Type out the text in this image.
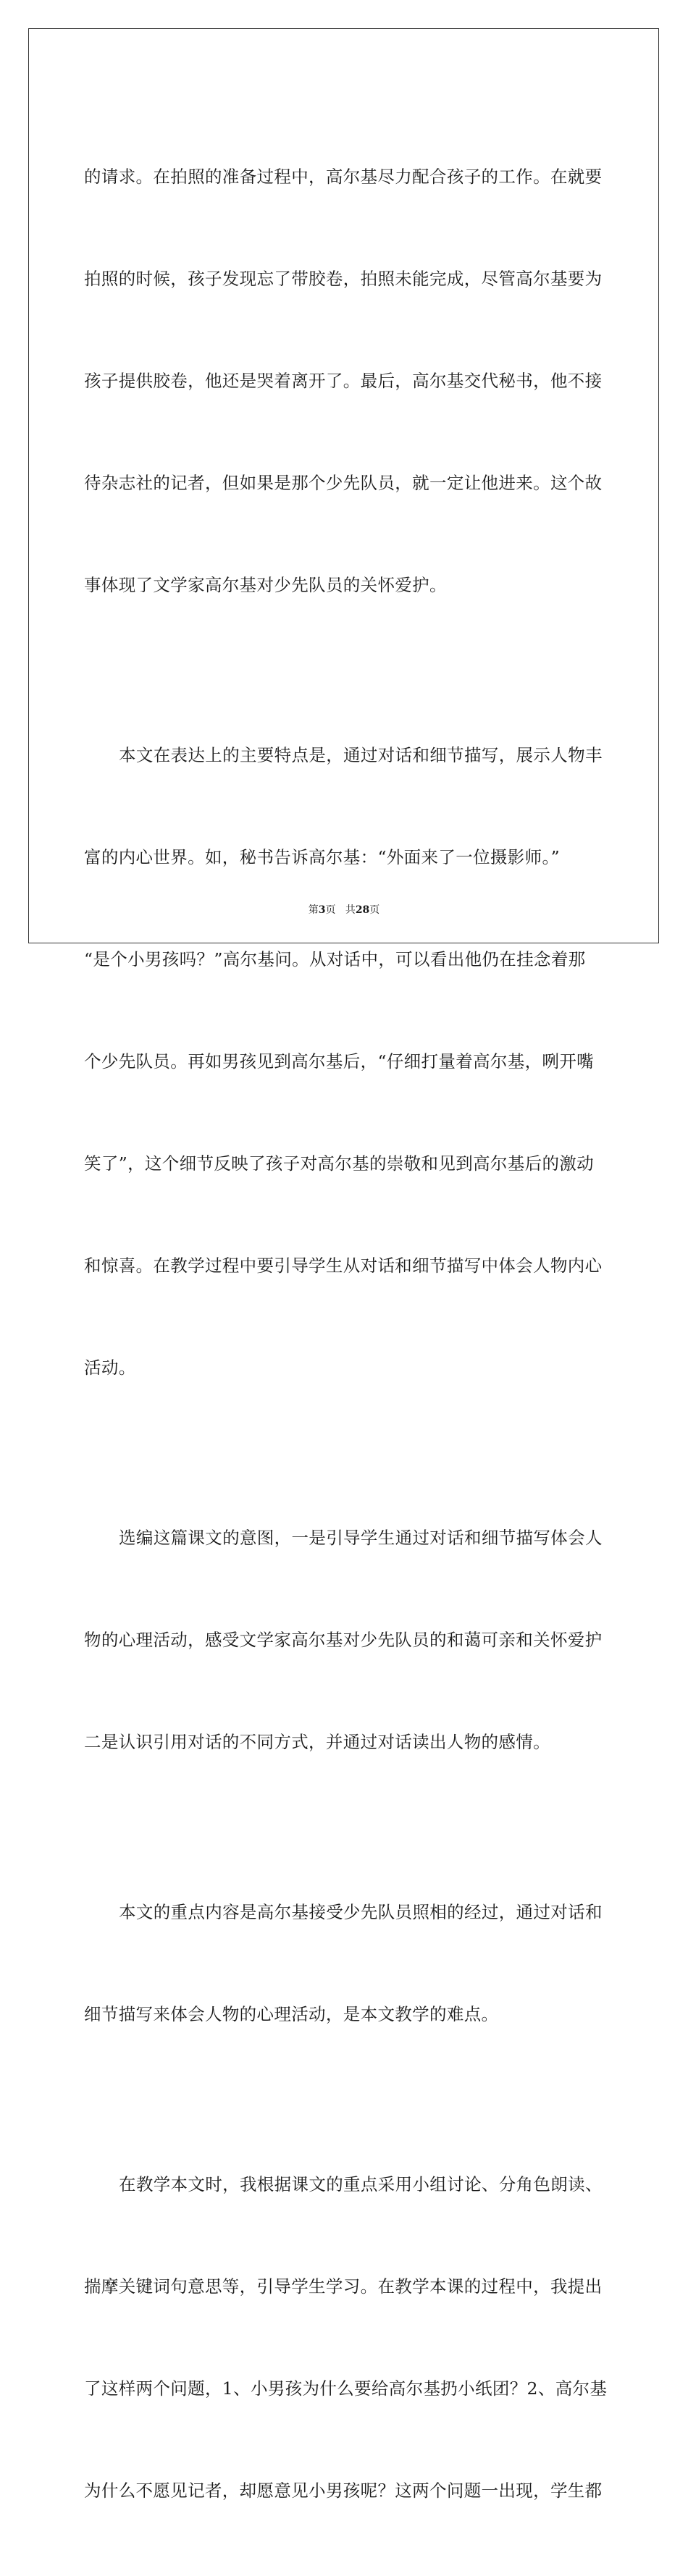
的请求。在拍照的准备过程中，高尔基尽力配合孩子的工作。在就要

拍照的时候，孩子发现忘了带胶卷，拍照未能完成，尽管高尔基要为

孩子提供胶卷，他还是哭着离开了。最后，高尔基交代秘书，他不接

待杂志社的记者，但如果是那个少先队员，就一定让他进来。这个故

事体现了文学家高尔基对少先队员的关怀爱护。

本文在表达上的主要特点是，通过对话和细节描写，展示人物丰

富的内心世界。如，秘书告诉高尔基：“外面来了一位摄影师。”

“是个小男孩吗？”高尔基问。从对话中，可以看出他仍在挂念着那

个少先队员。再如男孩见到高尔基后，“仔细打量着高尔基，咧开嘴

笑了”，这个细节反映了孩子对高尔基的崇敬和见到高尔基后的激动

和惊喜。在教学过程中要引导学生从对话和细节描写中体会人物内心

活动。

选编这篇课文的意图，一是引导学生通过对话和细节描写体会人

物的心理活动，感受文学家高尔基对少先队员的和蔼可亲和关怀爱护

二是认识引用对话的不同方式，并通过对话读出人物的感情。

本文的重点内容是高尔基接受少先队员照相的经过，通过对话和

细节描写来体会人物的心理活动，是本文教学的难点。

在教学本文时，我根据课文的重点采用小组讨论、分角色朗读、

揣摩关键词句意思等，引导学生学习。在教学本课的过程中，我提出

了这样两个问题，1、小男孩为什么要给高尔基扔小纸团？2、高尔基

为什么不愿见记者，却愿意见小男孩呢？这两个问题一出现，学生都

第3页 共28页
